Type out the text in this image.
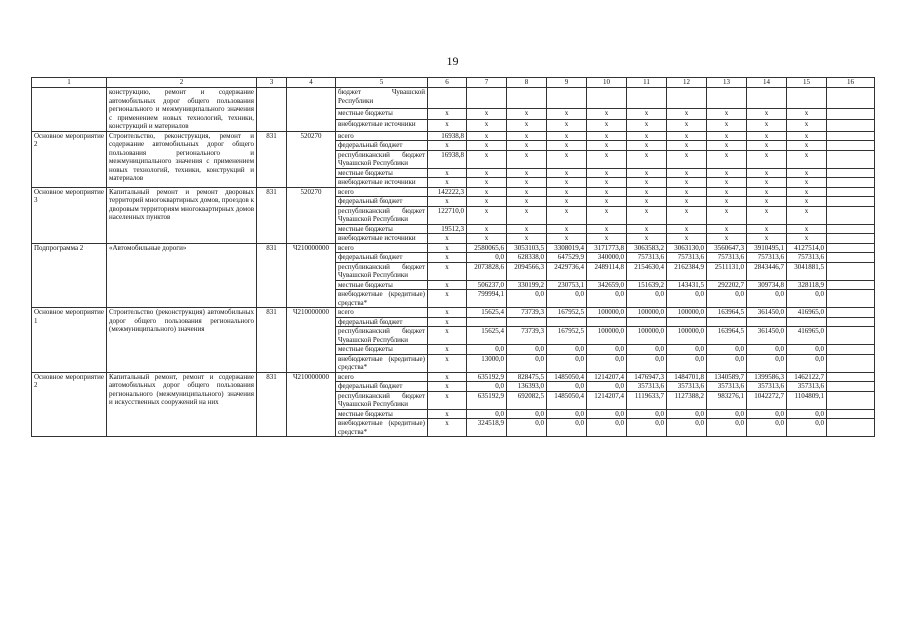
19
1	2	3	4	5	6	7	8	9	10	11	12	13	14	15	16
	конструкцию, ремонт и содержание автомобильных дорог общего пользования регионального и межмуниципального значения с применением новых технологий, техники, конструкций и материалов			бюджет Чувашской Республики											
				местные бюджеты	x	x	x	x	x	x	x	x	x	x	
				внебюджетные источники	x	x	x	x	x	x	x	x	x	x	
Основное мероприятие 2	Строительство, реконструкция, ремонт и содержание автомобильных дорог общего пользования регионального и межмуниципального значения с применением новых технологий, техники, конструкций и материалов	831	520270	всего	16938,8	x	x	x	x	x	x	x	x	x	
				федеральный бюджет	x	x	x	x	x	x	x	x	x	x	
				республиканский бюджет Чувашской Республики	16938,8	x	x	x	x	x	x	x	x	x	
				местные бюджеты	x	x	x	x	x	x	x	x	x	x	
				внебюджетные источники	x	x	x	x	x	x	x	x	x	x	
Основное мероприятие 3	Капитальный ремонт и ремонт дворовых территорий многоквартирных домов, проездов к дворовым территориям многоквартирных домов населенных пунктов	831	520270	всего	142222,3	x	x	x	x	x	x	x	x	x	
				федеральный бюджет	x	x	x	x	x	x	x	x	x	x	
				республиканский бюджет Чувашской Республики	122710,0	x	x	x	x	x	x	x	x	x	
				местные бюджеты	19512,3	x	x	x	x	x	x	x	x	x	
				внебюджетные источники	x	x	x	x	x	x	x	x	x	x	
Подпрограмма 2	«Автомобильные дороги»	831	Ч210000000	всего	x	2580065,6	3053103,5	3308019,4	3171773,8	3063583,2	3063130,0	3560647,3	3910495,1	4127514,0	
				федеральный бюджет	x	0,0	628338,0	647529,9	340000,0	757313,6	757313,6	757313,6	757313,6	757313,6	
				республиканский бюджет Чувашской Республики	x	2073828,6	2094566,3	2429736,4	2489114,8	2154630,4	2162384,9	2511131,0	2843446,7	3041881,5	
				местные бюджеты	x	506237,0	330199,2	230753,1	342659,0	151639,2	143431,5	292202,7	309734,8	328118,9	
				внебюджетные (кредитные) средства*	x	799994,1	0,0	0,0	0,0	0,0	0,0	0,0	0,0	0,0	
Основное мероприятие 1	Строительство (реконструкция) автомобильных дорог общего пользования регионального (межмуниципального) значения	831	Ч210000000	всего	x	15625,4	73739,3	167952,5	100000,0	100000,0	100000,0	163964,5	361450,0	416965,0	
				федеральный бюджет	x										
				республиканский бюджет Чувашской Республики	x	15625,4	73739,3	167952,5	100000,0	100000,0	100000,0	163964,5	361450,0	416965,0	
				местные бюджеты	x	0,0	0,0	0,0	0,0	0,0	0,0	0,0	0,0	0,0	
				внебюджетные (кредитные) средства*	x	13000,0	0,0	0,0	0,0	0,0	0,0	0,0	0,0	0,0	
Основное мероприятие 2	Капитальный ремонт, ремонт и содержание автомобильных дорог общего пользования регионального (межмуниципального) значения и искусственных сооружений на них	831	Ч210000000	всего	x	635192,9	828475,5	1485050,4	1214207,4	1476947,3	1484701,8	1340589,7	1399586,3	1462122,7	
				федеральный бюджет	x	0,0	136393,0	0,0	0,0	357313,6	357313,6	357313,6	357313,6	357313,6	
				республиканский бюджет Чувашской Республики	x	635192,9	692082,5	1485050,4	1214207,4	1119633,7	1127388,2	983276,1	1042272,7	1104809,1	
				местные бюджеты	x	0,0	0,0	0,0	0,0	0,0	0,0	0,0	0,0	0,0	
				внебюджетные (кредитные) средства*	x	324518,9	0,0	0,0	0,0	0,0	0,0	0,0	0,0	0,0	
